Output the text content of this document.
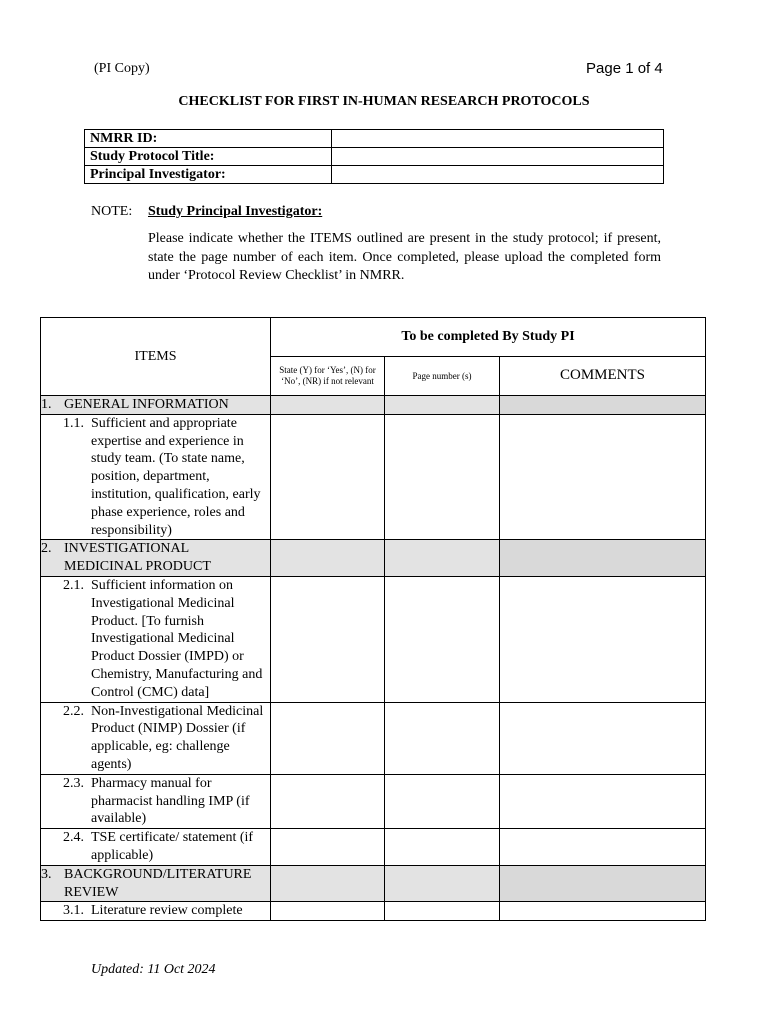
(PI Copy)	Page 1 of 4
CHECKLIST FOR FIRST IN-HUMAN RESEARCH PROTOCOLS
NMRR ID:	
Study Protocol Title:	
Principal Investigator:	
NOTE: Study Principal Investigator:
Please indicate whether the ITEMS outlined are present in the study protocol; if present, state the page number of each item. Once completed, please upload the completed form under ‘Protocol Review Checklist’ in NMRR.
ITEMS	To be completed By Study PI		
	State (Y) for ‘Yes’, (N) for ‘No’, (NR) if not relevant	Page number (s)	COMMENTS

1. GENERAL INFORMATION			

1.1. Sufficient and appropriate expertise and experience in study team. (To state name, position, department, institution, qualification, early phase experience, roles and responsibility)			

2. INVESTIGATIONAL MEDICINAL PRODUCT			

2.1. Sufficient information on Investigational Medicinal Product. [To furnish Investigational Medicinal Product Dossier (IMPD) or Chemistry, Manufacturing and Control (CMC) data]			

2.2. Non-Investigational Medicinal Product (NIMP) Dossier (if applicable, eg: challenge agents)			

2.3. Pharmacy manual for pharmacist handling IMP (if available)			

2.4. TSE certificate/ statement (if applicable)			

3. BACKGROUND/LITERATURE REVIEW			

3.1. Literature review complete			

Updated: 11 Oct 2024
